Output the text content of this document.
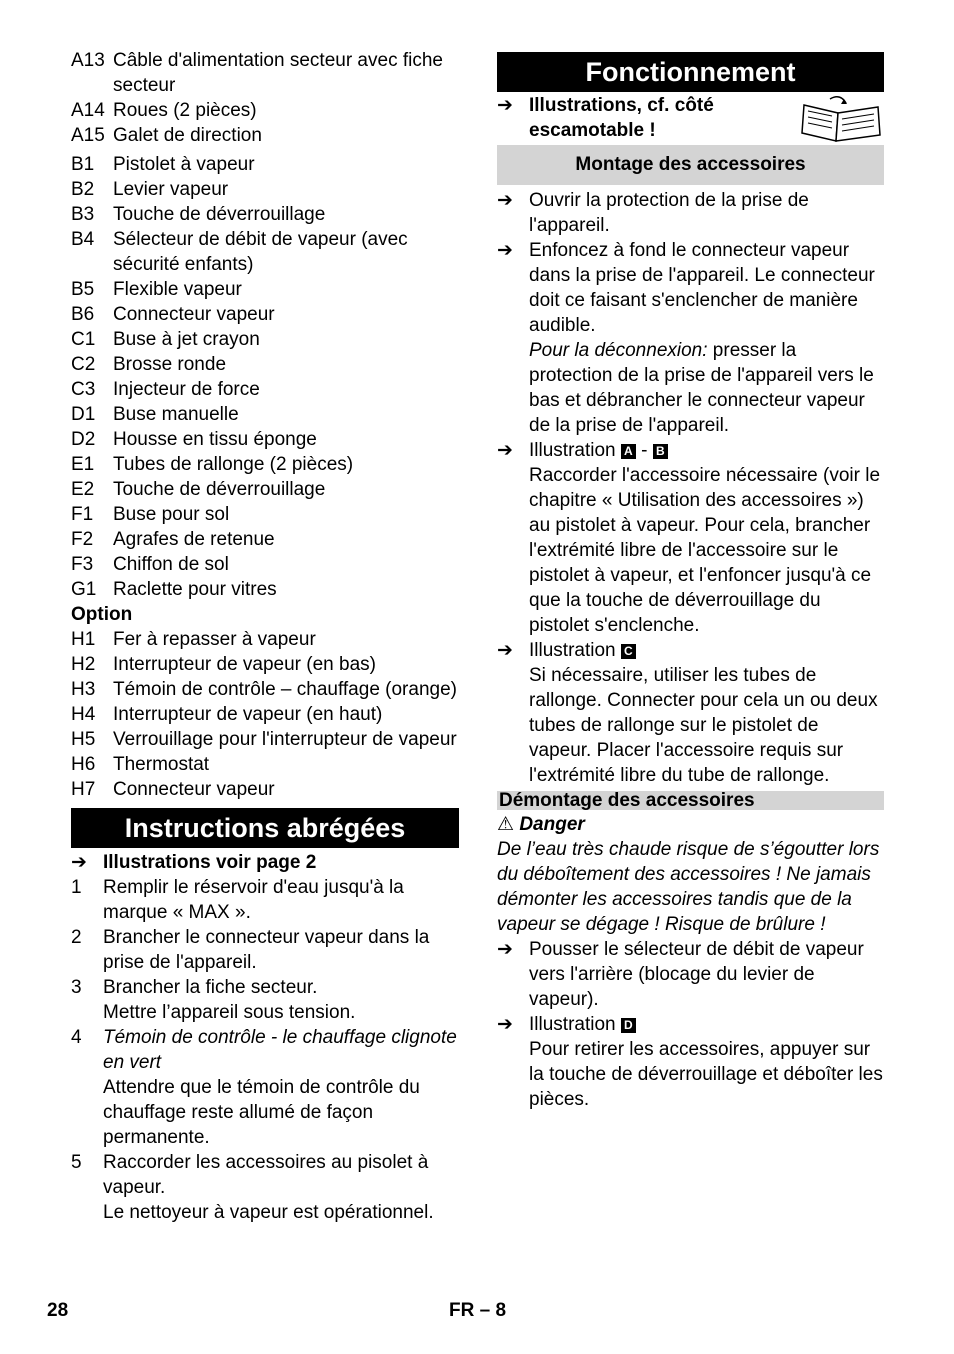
A13 Câble d'alimentation secteur avec fiche secteur
A14 Roues (2 pièces)
A15 Galet de direction
B1 Pistolet à vapeur
B2 Levier vapeur
B3 Touche de déverrouillage
B4 Sélecteur de débit de vapeur (avec sécurité enfants)
B5 Flexible vapeur
B6 Connecteur vapeur
C1 Buse à jet crayon
C2 Brosse ronde
C3 Injecteur de force
D1 Buse manuelle
D2 Housse en tissu éponge
E1 Tubes de rallonge (2 pièces)
E2 Touche de déverrouillage
F1	Buse pour sol
F2	Agrafes de retenue
F3	Chiffon de sol
G1 Raclette pour vitres
Option
H1 Fer à repasser à vapeur
H2 Interrupteur de vapeur (en bas)
H3 Témoin de contrôle – chauffage (orange)
H4 Interrupteur de vapeur (en haut)
H5 Verrouillage pour l'interrupteur de vapeur
H6 Thermostat
H7 Connecteur vapeur
Instructions abrégées
➔ Illustrations voir page 2
1	Remplir le réservoir d'eau jusqu'à la marque « MAX ».
2	Brancher le connecteur vapeur dans la prise de l'appareil.
3	Brancher la fiche secteur.
Mettre l’appareil sous tension.
4	Témoin de contrôle - le chauffage clignote en vert
Attendre que le témoin de contrôle du chauffage reste allumé de façon permanente.
5	Raccorder les accessoires au pisolet à vapeur.
Le nettoyeur à vapeur est opérationnel.
Fonctionnement
➔ Illustrations, cf. côté escamotable !
Montage des accessoires
➔ Ouvrir la protection de la prise de l'appareil.
➔ Enfoncez à fond le connecteur vapeur dans la prise de l'appareil. Le connecteur doit ce faisant s'enclencher de manière audible.
Pour la déconnexion: presser la protection de la prise de l'appareil vers le bas et débrancher le connecteur vapeur de la prise de l'appareil.
➔ Illustration A - B
Raccorder l'accessoire nécessaire (voir le chapitre « Utilisation des accessoires ») au pistolet à vapeur. Pour cela, brancher l'extrémité libre de l'accessoire sur le pistolet à vapeur, et l'enfoncer jusqu'à ce que la touche de déverrouillage du pistolet s'enclenche.
➔ Illustration C
Si nécessaire, utiliser les tubes de rallonge. Connecter pour cela un ou deux tubes de rallonge sur le pistolet de vapeur. Placer l'accessoire requis sur l'extrémité libre du tube de rallonge.
Démontage des accessoires
⚠ Danger
De l’eau très chaude risque de s’égoutter lors du déboîtement des accessoires ! Ne jamais démonter les accessoires tandis que de la vapeur se dégage ! Risque de brûlure !
➔ Pousser le sélecteur de débit de vapeur vers l'arrière (blocage du levier de vapeur).
➔ Illustration D
Pour retirer les accessoires, appuyer sur la touche de déverrouillage et déboîter les pièces.
28	FR – 8
